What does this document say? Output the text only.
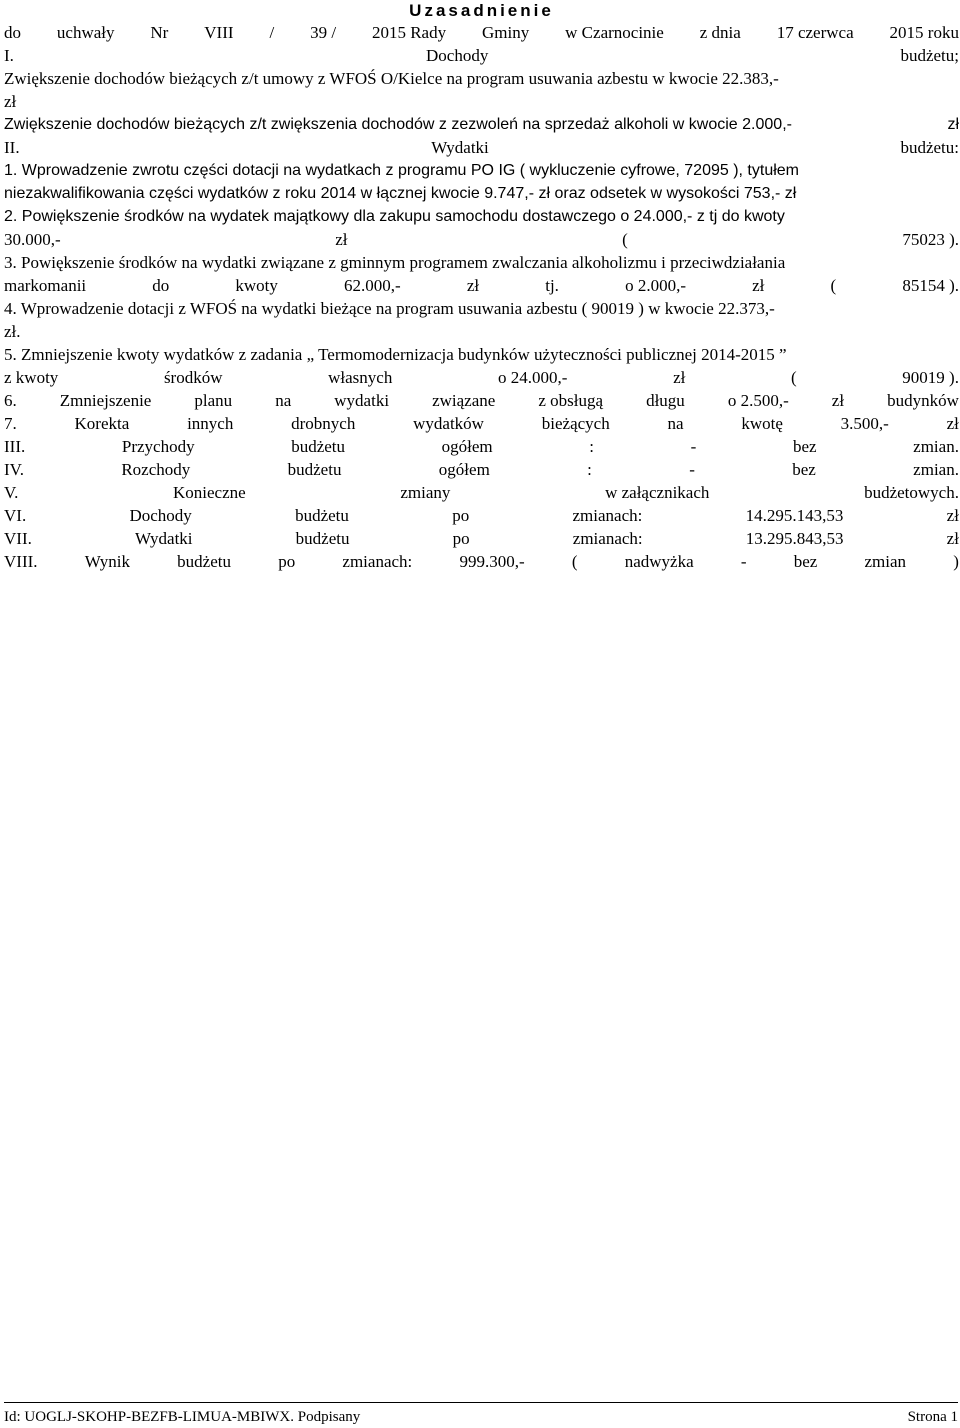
Uzasadnienie
do uchwały Nr VIII / 39 / 2015 Rady Gminy w Czarnocinie z dnia 17 czerwca 2015 roku
I.	Dochody	budżetu;
Zwiększenie dochodów bieżących z/t umowy z WFOŚ O/Kielce na program usuwania azbestu w kwocie 22.383,-
zł
Zwiększenie dochodów bieżących z/t zwiększenia dochodów z zezwoleń na sprzedaż alkoholi w kwocie 2.000,-	zł
II.	Wydatki	budżetu:
1. Wprowadzenie zwrotu części dotacji na wydatkach z programu PO IG ( wykluczenie cyfrowe, 72095 ), tytułem
niezakwalifikowania części wydatków z roku 2014 w łącznej kwocie 9.747,- zł oraz odsetek w wysokości 753,- zł
2. Powiększenie środków na wydatek majątkowy dla zakupu samochodu dostawczego o 24.000,- z tj do kwoty
30.000,-	zł	(	75023 ).
3. Powiększenie środków na wydatki związane z gminnym programem zwalczania alkoholizmu i przeciwdziałania
markomanii	do	kwoty	62.000,-	zł	tj.	o 2.000,-	zł	(	85154 ).
4. Wprowadzenie dotacji z WFOŚ na wydatki bieżące na program usuwania azbestu ( 90019 ) w kwocie 22.373,-
zł.
5. Zmniejszenie kwoty wydatków z zadania „ Termomodernizacja budynków użyteczności publicznej 2014-2015 ”
z kwoty	środków	własnych	o 24.000,-	zł	(	90019 ).
6.	Zmniejszenie	planu	na	wydatki	związane	z obsługą	długu	o 2.500,-	zł	budynków
7.	Korekta	innych	drobnych	wydatków	bieżących	na	kwotę	3.500,-	zł
III.	Przychody	budżetu	ogółem	:	-	bez	zmian.
IV.	Rozchody	budżetu	ogółem	:	-	bez	zmian.
V.	Konieczne	zmiany	w załącznikach	budżetowych.
VI.	Dochody	budżetu	po	zmianach:	14.295.143,53	zł
VII.	Wydatki	budżetu	po	zmianach:	13.295.843,53	zł
VIII.	Wynik	budżetu	po	zmianach:	999.300,-	(	nadwyżka	-	bez	zmian	)
Id: UOGLJ-SKOHP-BEZFB-LIMUA-MBIWX. Podpisany	Strona 1
